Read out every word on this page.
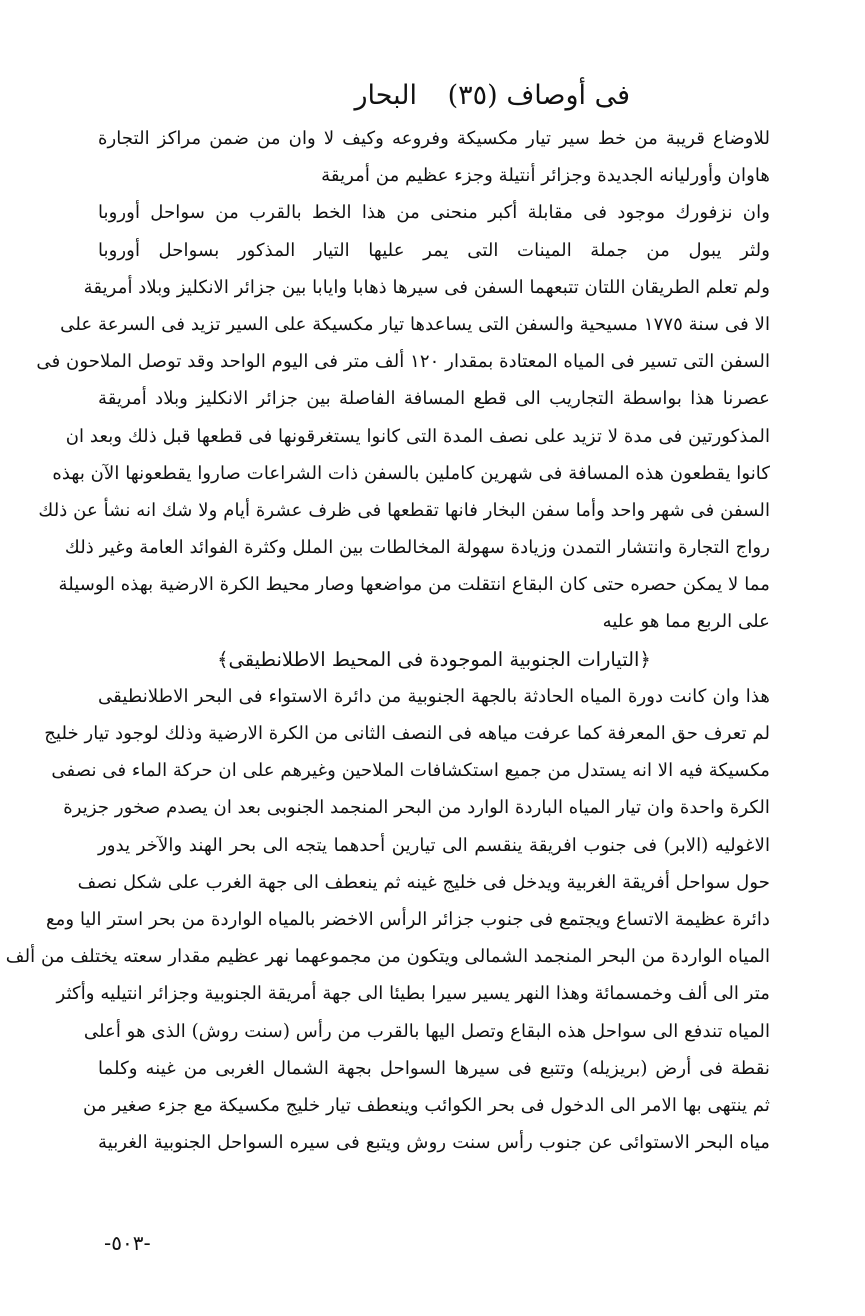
فى أوصاف (٣٥) البحار
للاوضاع قريبة من خط سير تيار مكسيكة وفروعه وكيف لا وان من ضمن مراكز التجارة
هاوان وأورليانه الجديدة وجزائر أنتيلة وجزء عظيم من أمريقة
وان نزفورك موجود فى مقابلة أكبر منحنى من هذا الخط بالقرب من سواحل أوروبا
ولثر يبول من جملة المينات التى يمر عليها التيار المذكور بسواحل أوروبا
ولم تعلم الطريقان اللتان تتبعهما السفن فى سيرها ذهابا وايابا بين جزائر الانكليز وبلاد أمريقة
الا فى سنة ١٧٧٥ مسيحية والسفن التى يساعدها تيار مكسيكة على السير تزيد فى السرعة على
السفن التى تسير فى المياه المعتادة بمقدار ١٢٠ ألف متر فى اليوم الواحد وقد توصل الملاحون فى
عصرنا هذا بواسطة التجاريب الى قطع المسافة الفاصلة بين جزائر الانكليز وبلاد أمريقة
المذكورتين فى مدة لا تزيد على نصف المدة التى كانوا يستغرقونها فى قطعها قبل ذلك وبعد ان
كانوا يقطعون هذه المسافة فى شهرين كاملين بالسفن ذات الشراعات صاروا يقطعونها الآن بهذه
السفن فى شهر واحد وأما سفن البخار فانها تقطعها فى ظرف عشرة أيام ولا شك انه نشأ عن ذلك
رواج التجارة وانتشار التمدن وزيادة سهولة المخالطات بين الملل وكثرة الفوائد العامة وغير ذلك
مما لا يمكن حصره حتى كان البقاع انتقلت من مواضعها وصار محيط الكرة الارضية بهذه الوسيلة
على الربع مما هو عليه
﴿التيارات الجنوبية الموجودة فى المحيط الاطلانطيقى﴾
هذا وان كانت دورة المياه الحادثة بالجهة الجنوبية من دائرة الاستواء فى البحر الاطلانطيقى
لم تعرف حق المعرفة كما عرفت مياهه فى النصف الثانى من الكرة الارضية وذلك لوجود تيار خليج
مكسيكة فيه الا انه يستدل من جميع استكشافات الملاحين وغيرهم على ان حركة الماء فى نصفى
الكرة واحدة وان تيار المياه الباردة الوارد من البحر المنجمد الجنوبى بعد ان يصدم صخور جزيرة
الاغوليه (الابر) فى جنوب افريقة ينقسم الى تيارين أحدهما يتجه الى بحر الهند والآخر يدور
حول سواحل أفريقة الغربية ويدخل فى خليج غينه ثم ينعطف الى جهة الغرب على شكل نصف
دائرة عظيمة الاتساع ويجتمع فى جنوب جزائر الرأس الاخضر بالمياه الواردة من بحر استر اليا ومع
المياه الواردة من البحر المنجمد الشمالى ويتكون من مجموعهما نهر عظيم مقدار سعته يختلف من ألف
متر الى ألف وخمسمائة وهذا النهر يسير سيرا بطيئا الى جهة أمريقة الجنوبية وجزائر انتيليه وأكثر
المياه تندفع الى سواحل هذه البقاع وتصل اليها بالقرب من رأس (سنت روش) الذى هو أعلى
نقطة فى أرض (بريزيله) وتتبع فى سيرها السواحل بجهة الشمال الغربى من غينه وكلما
ثم ينتهى بها الامر الى الدخول فى بحر الكوائب وينعطف تيار خليج مكسيكة مع جزء صغير من
مياه البحر الاستوائى عن جنوب رأس سنت روش ويتبع فى سيره السواحل الجنوبية الغربية
-٥٠٣-
